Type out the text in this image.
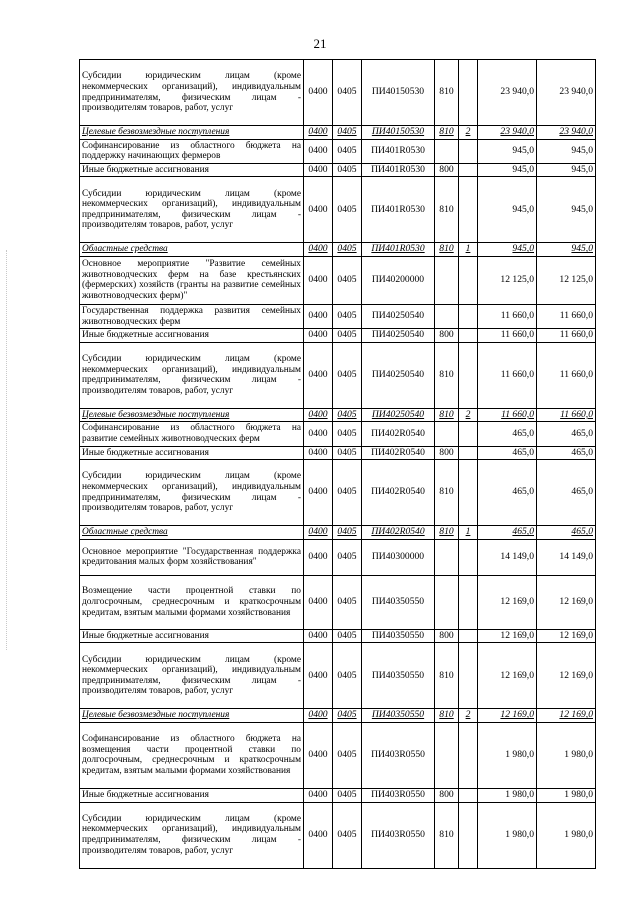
21
Субсидии юридическим лицам (кроме некоммерческих организаций), индивидуальным предпринимателям, физическим лицам - производителям товаров, работ, услуг	0400	0405	ПИ40150530	810		23 940,0	23 940,0
Целевые безвозмездные поступления	0400	0405	ПИ40150530	810	2	23 940,0	23 940,0
Софинансирование из областного бюджета на поддержку начинающих фермеров	0400	0405	ПИ401R0530			945,0	945,0
Иные бюджетные ассигнования	0400	0405	ПИ401R0530	800		945,0	945,0
Субсидии юридическим лицам (кроме некоммерческих организаций), индивидуальным предпринимателям, физическим лицам - производителям товаров, работ, услуг	0400	0405	ПИ401R0530	810		945,0	945,0
Областные средства	0400	0405	ПИ401R0530	810	1	945,0	945,0
Основное мероприятие "Развитие семейных животноводческих ферм на базе крестьянских (фермерских) хозяйств (гранты на развитие семейных животноводческих ферм)"	0400	0405	ПИ40200000			12 125,0	12 125,0
Государственная поддержка развития семейных животноводческих ферм	0400	0405	ПИ40250540			11 660,0	11 660,0
Иные бюджетные ассигнования	0400	0405	ПИ40250540	800		11 660,0	11 660,0
Субсидии юридическим лицам (кроме некоммерческих организаций), индивидуальным предпринимателям, физическим лицам - производителям товаров, работ, услуг	0400	0405	ПИ40250540	810		11 660,0	11 660,0
Целевые безвозмездные поступления	0400	0405	ПИ40250540	810	2	11 660,0	11 660,0
Софинансирование из областного бюджета на развитие семейных животноводческих ферм	0400	0405	ПИ402R0540			465,0	465,0
Иные бюджетные ассигнования	0400	0405	ПИ402R0540	800		465,0	465,0
Субсидии юридическим лицам (кроме некоммерческих организаций), индивидуальным предпринимателям, физическим лицам - производителям товаров, работ, услуг	0400	0405	ПИ402R0540	810		465,0	465,0
Областные средства	0400	0405	ПИ402R0540	810	1	465,0	465,0
Основное мероприятие "Государственная поддержка кредитования малых форм хозяйствования"	0400	0405	ПИ40300000			14 149,0	14 149,0
Возмещение части процентной ставки по долгосрочным, среднесрочным и краткосрочным кредитам, взятым малыми формами хозяйствования	0400	0405	ПИ40350550			12 169,0	12 169,0
Иные бюджетные ассигнования	0400	0405	ПИ40350550	800		12 169,0	12 169,0
Субсидии юридическим лицам (кроме некоммерческих организаций), индивидуальным предпринимателям, физическим лицам - производителям товаров, работ, услуг	0400	0405	ПИ40350550	810		12 169,0	12 169,0
Целевые безвозмездные поступления	0400	0405	ПИ40350550	810	2	12 169,0	12 169,0
Софинансирование из областного бюджета на возмещения части процентной ставки по долгосрочным, среднесрочным и краткосрочным кредитам, взятым малыми формами хозяйствования	0400	0405	ПИ403R0550			1 980,0	1 980,0
Иные бюджетные ассигнования	0400	0405	ПИ403R0550	800		1 980,0	1 980,0
Субсидии юридическим лицам (кроме некоммерческих организаций), индивидуальным предпринимателям, физическим лицам - производителям товаров, работ, услуг	0400	0405	ПИ403R0550	810		1 980,0	1 980,0
